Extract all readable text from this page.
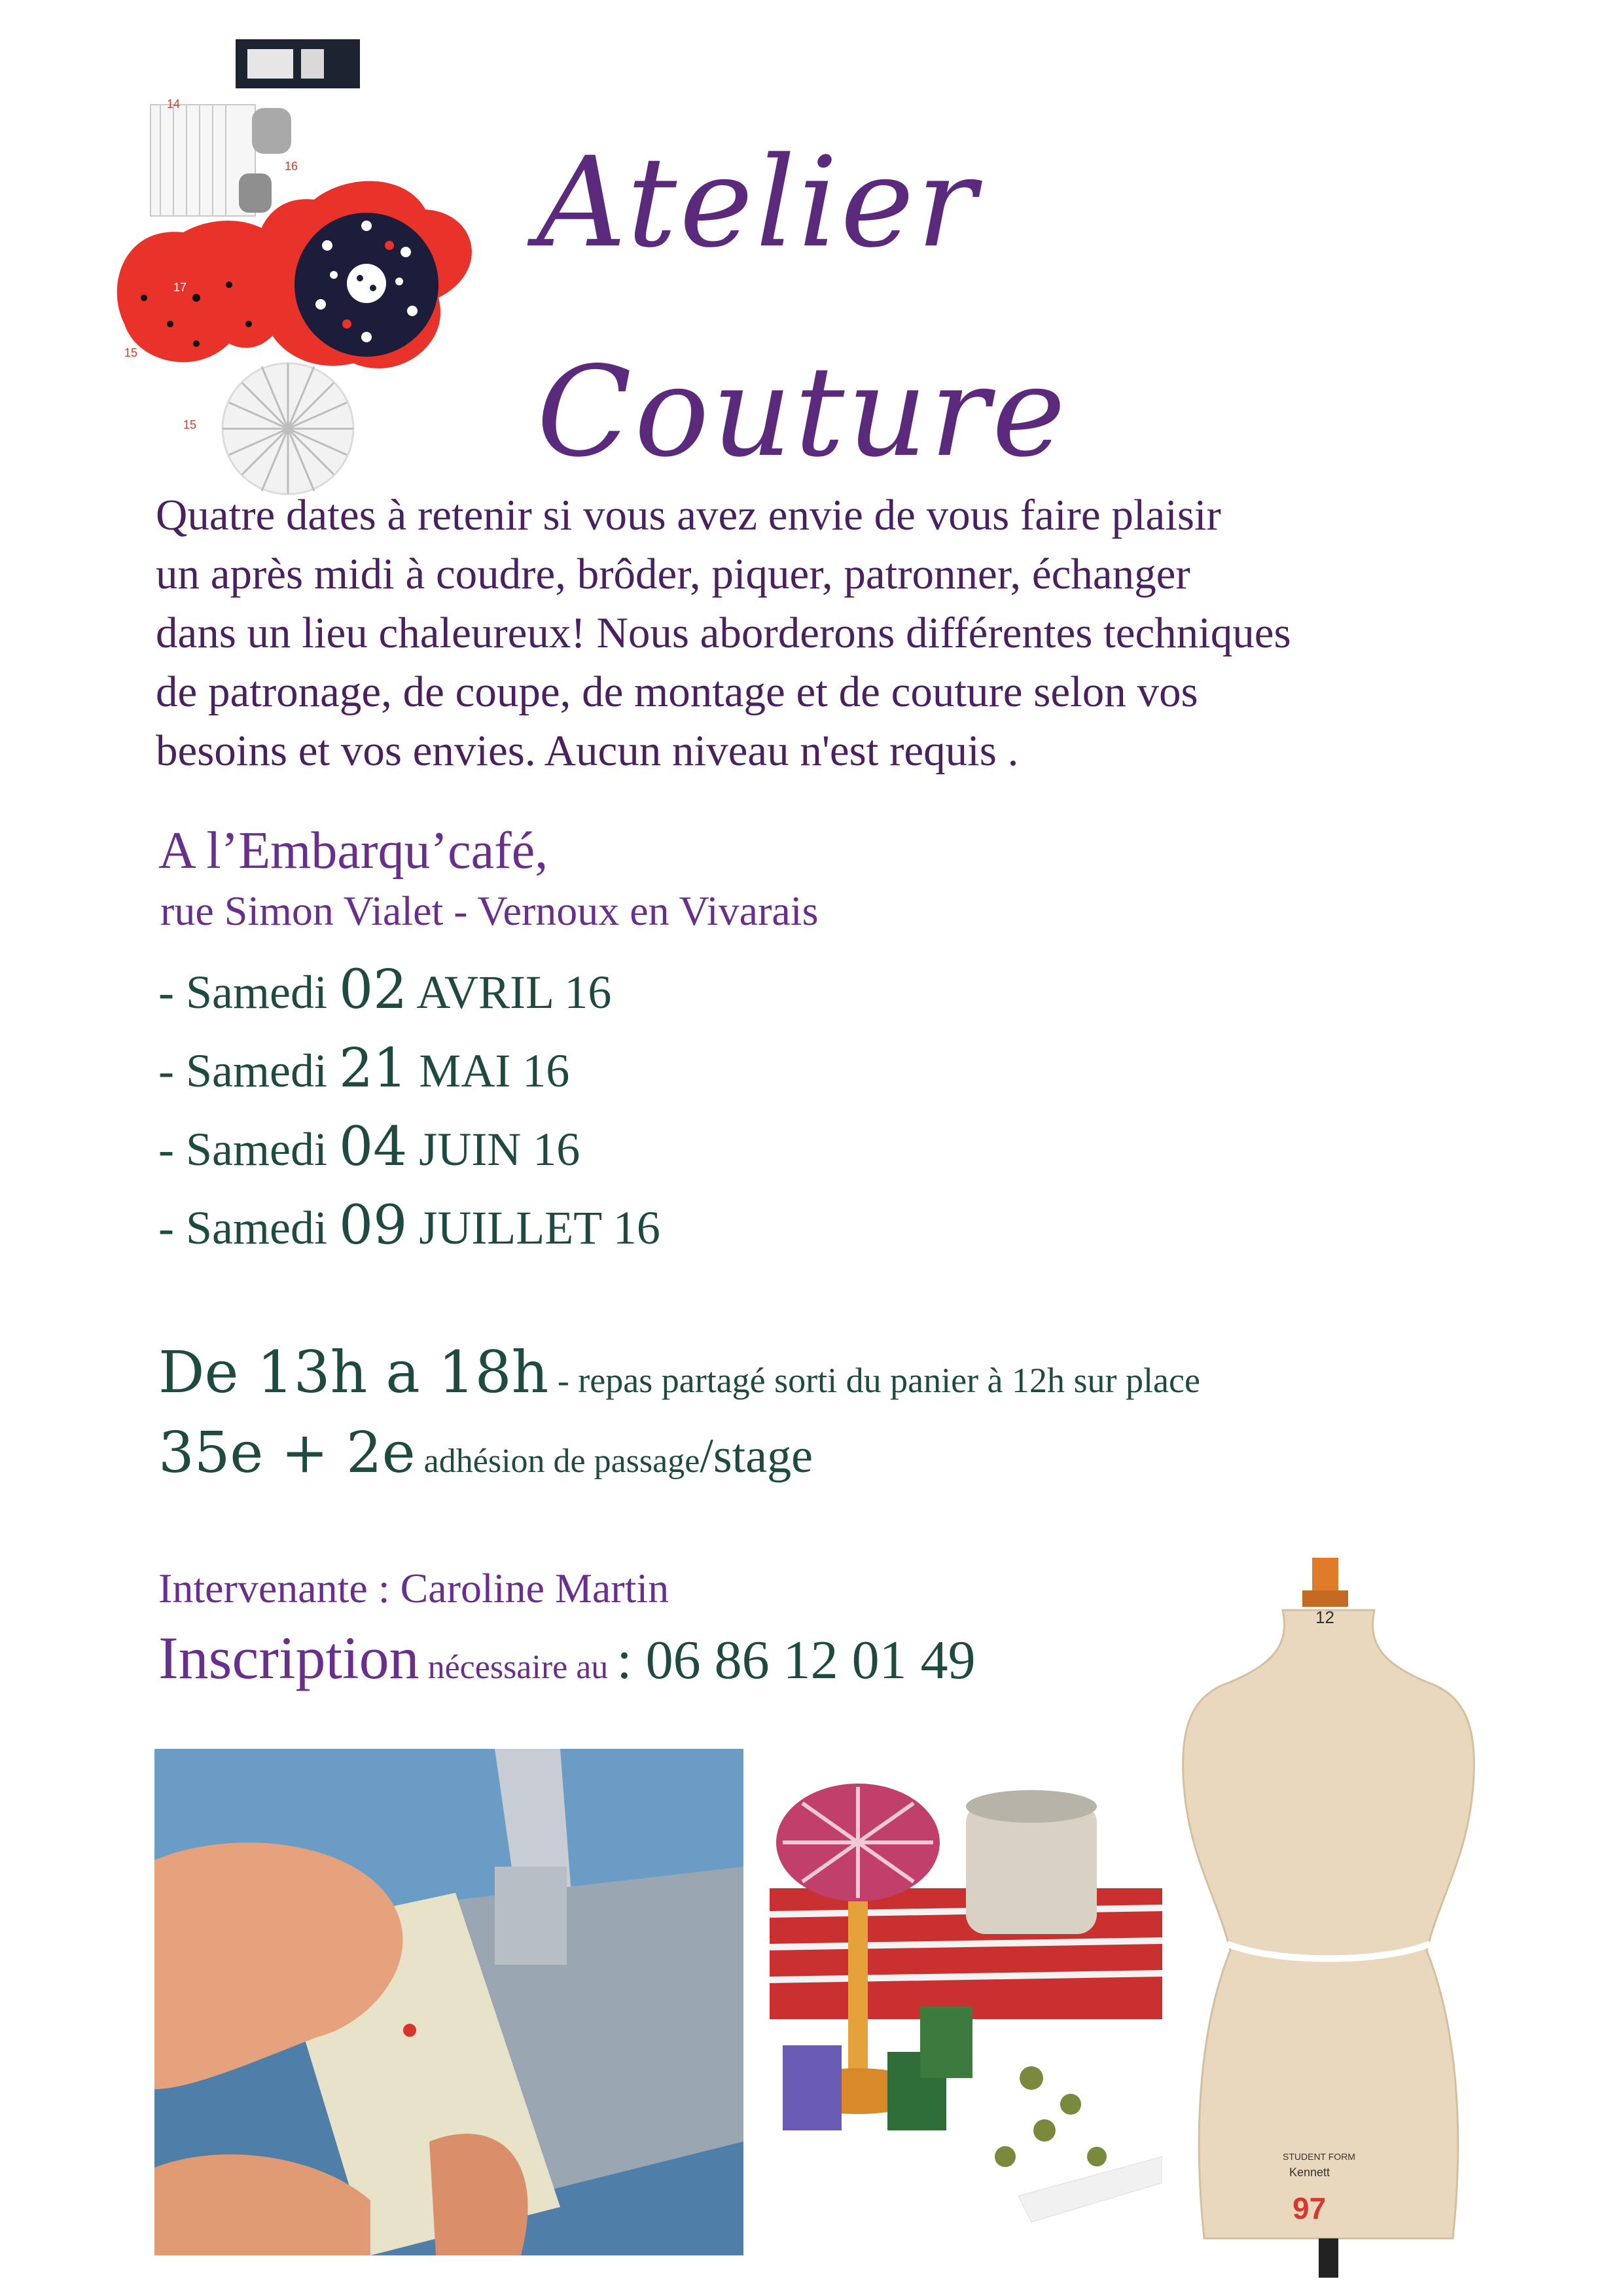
14
16
17
17
15
15
Atelier Couture
Quatre dates à retenir si vous avez envie de vous faire plaisir
un après midi à coudre, brôder, piquer, patronner, échanger
dans un lieu chaleureux! Nous aborderons différentes techniques
de patronage, de coupe, de montage et de couture selon vos
besoins et vos envies. Aucun niveau n'est requis .
A l’Embarqu’café,
rue Simon Vialet - Vernoux en Vivarais
- Samedi 02 AVRIL 16
- Samedi 21 MAI 16
- Samedi 04 JUIN 16
- Samedi 09 JUILLET 16
De 13h a 18h - repas partagé sorti du panier à 12h sur place
35e + 2e adhésion de passage/stage
Intervenante : Caroline Martin
Inscription nécessaire au : 06 86 12 01 49
12
STUDENT FORM
Kennett
97
